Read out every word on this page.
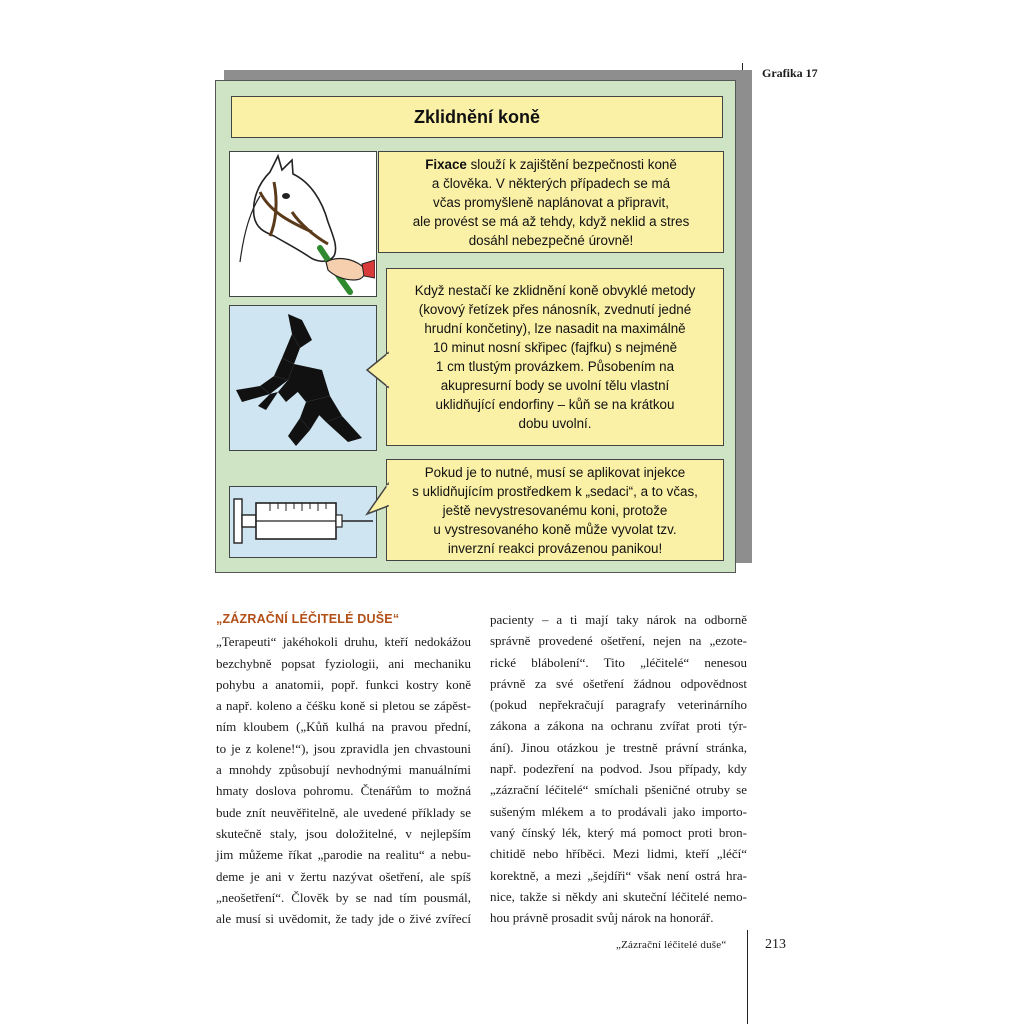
Grafika 17
Zklidnění koně
Fixace slouží k zajištění bezpečnosti koně
a člověka. V některých případech se má
včas promyšleně naplánovat a připravit,
ale provést se má až tehdy, když neklid a stres
dosáhl nebezpečné úrovně!
Když nestačí ke zklidnění koně obvyklé metody
(kovový řetízek přes nánosník, zvednutí jedné
hrudní končetiny), lze nasadit na maximálně
10 minut nosní skřipec (fajfku) s nejméně
1 cm tlustým provázkem. Působením na
akupresurní body se uvolní tělu vlastní
uklidňující endorfiny – kůň se na krátkou
dobu uvolní.
Pokud je to nutné, musí se aplikovat injekce
s uklidňujícím prostředkem k „sedaci“, a to včas,
ještě nevystresovanému koni, protože
u vystresovaného koně může vyvolat tzv.
inverzní reakci provázenou panikou!
„ZÁZRAČNÍ LÉČITELÉ DUŠE“
„Terapeuti“ jakéhokoli druhu, kteří nedokážou
bezchybně popsat fyziologii, ani mechaniku
pohybu a anatomii, popř. funkci kostry koně
a např. koleno a čéšku koně si pletou se zápěst-
ním kloubem („Kůň kulhá na pravou přední,
to je z kolene!“), jsou zpravidla jen chvastouni
a mnohdy způsobují nevhodnými manuálními
hmaty doslova pohromu. Čtenářům to možná
bude znít neuvěřitelně, ale uvedené příklady se
skutečně staly, jsou doložitelné, v nejlepším
jim můžeme říkat „parodie na realitu“ a nebu-
deme je ani v žertu nazývat ošetření, ale spíš
„neošetření“. Člověk by se nad tím pousmál,
ale musí si uvědomit, že tady jde o živé zvířecí
pacienty – a ti mají taky nárok na odborně
správně provedené ošetření, nejen na „ezote-
rické blábolení“. Tito „léčitelé“ nenesou
právně za své ošetření žádnou odpovědnost
(pokud nepřekračují paragrafy veterinárního
zákona a zákona na ochranu zvířat proti týr-
ání). Jinou otázkou je trestně právní stránka,
např. podezření na podvod. Jsou případy, kdy
„zázrační léčitelé“ smíchali pšeničné otruby se
sušeným mlékem a to prodávali jako importo-
vaný čínský lék, který má pomoct proti bron-
chitidě nebo hříběci. Mezi lidmi, kteří „léčí“
korektně, a mezi „šejdíři“ však není ostrá hra-
nice, takže si někdy ani skuteční léčitelé nemo-
hou právně prosadit svůj nárok na honorář.
„Zázrační léčitelé duše“	213
